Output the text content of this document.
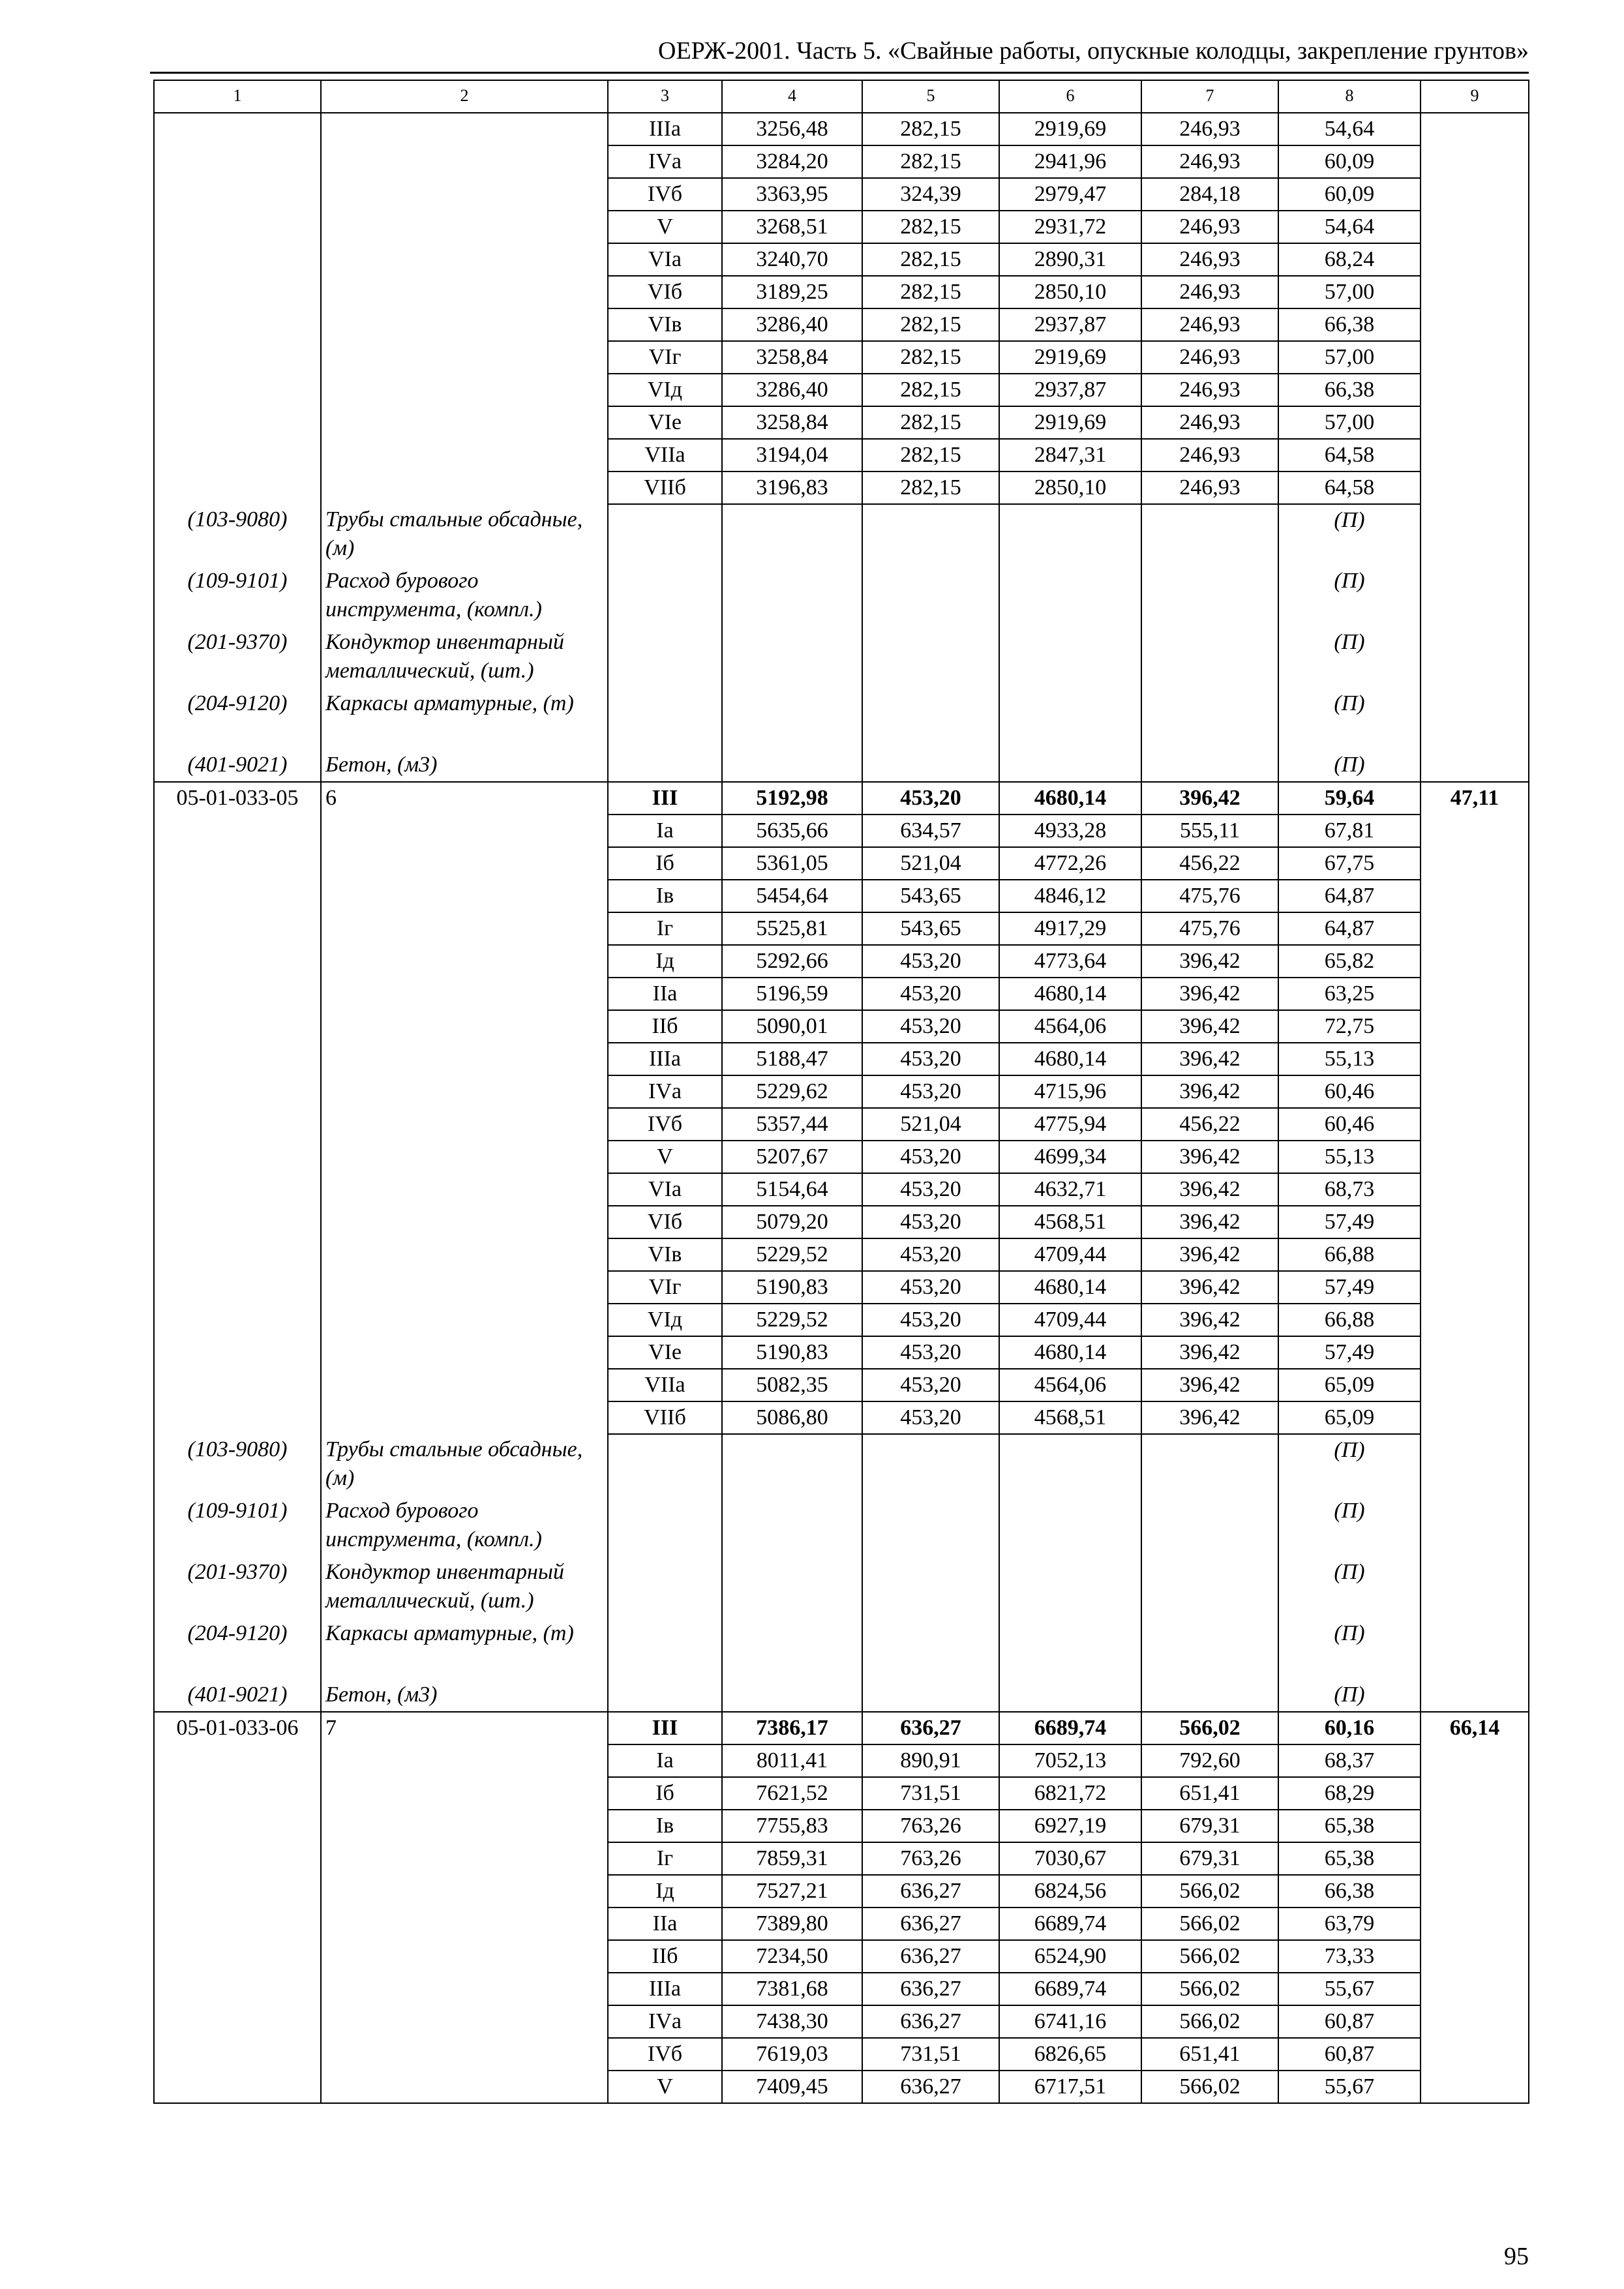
ОЕРЖ-2001. Часть 5. «Свайные работы, опускные колодцы, закрепление грунтов»
1	2	3	4	5	6	7	8	9
		IIIа	3256,48	282,15	2919,69	246,93	54,64	
		IVа	3284,20	282,15	2941,96	246,93	60,09	
		IVб	3363,95	324,39	2979,47	284,18	60,09	
		V	3268,51	282,15	2931,72	246,93	54,64	
		VIа	3240,70	282,15	2890,31	246,93	68,24	
		VIб	3189,25	282,15	2850,10	246,93	57,00	
		VIв	3286,40	282,15	2937,87	246,93	66,38	
		VIг	3258,84	282,15	2919,69	246,93	57,00	
		VIд	3286,40	282,15	2937,87	246,93	66,38	
		VIе	3258,84	282,15	2919,69	246,93	57,00	
		VIIа	3194,04	282,15	2847,31	246,93	64,58	
		VIIб	3196,83	282,15	2850,10	246,93	64,58	
(103-9080)	Трубы стальные обсадные, (м)						(П)	
(109-9101)	Расход бурового инструмента, (компл.)						(П)	
(201-9370)	Кондуктор инвентарный металлический, (шт.)						(П)	
(204-9120)	Каркасы арматурные, (т)						(П)	
(401-9021)	Бетон, (м3)						(П)	
05-01-033-05	6	III	5192,98	453,20	4680,14	396,42	59,64	47,11
		Iа	5635,66	634,57	4933,28	555,11	67,81	
		Iб	5361,05	521,04	4772,26	456,22	67,75	
		Iв	5454,64	543,65	4846,12	475,76	64,87	
		Iг	5525,81	543,65	4917,29	475,76	64,87	
		Iд	5292,66	453,20	4773,64	396,42	65,82	
		IIа	5196,59	453,20	4680,14	396,42	63,25	
		IIб	5090,01	453,20	4564,06	396,42	72,75	
		IIIа	5188,47	453,20	4680,14	396,42	55,13	
		IVа	5229,62	453,20	4715,96	396,42	60,46	
		IVб	5357,44	521,04	4775,94	456,22	60,46	
		V	5207,67	453,20	4699,34	396,42	55,13	
		VIа	5154,64	453,20	4632,71	396,42	68,73	
		VIб	5079,20	453,20	4568,51	396,42	57,49	
		VIв	5229,52	453,20	4709,44	396,42	66,88	
		VIг	5190,83	453,20	4680,14	396,42	57,49	
		VIд	5229,52	453,20	4709,44	396,42	66,88	
		VIе	5190,83	453,20	4680,14	396,42	57,49	
		VIIа	5082,35	453,20	4564,06	396,42	65,09	
		VIIб	5086,80	453,20	4568,51	396,42	65,09	
(103-9080)	Трубы стальные обсадные, (м)						(П)	
(109-9101)	Расход бурового инструмента, (компл.)						(П)	
(201-9370)	Кондуктор инвентарный металлический, (шт.)						(П)	
(204-9120)	Каркасы арматурные, (т)						(П)	
(401-9021)	Бетон, (м3)						(П)	
05-01-033-06	7	III	7386,17	636,27	6689,74	566,02	60,16	66,14
		Iа	8011,41	890,91	7052,13	792,60	68,37	
		Iб	7621,52	731,51	6821,72	651,41	68,29	
		Iв	7755,83	763,26	6927,19	679,31	65,38	
		Iг	7859,31	763,26	7030,67	679,31	65,38	
		Iд	7527,21	636,27	6824,56	566,02	66,38	
		IIа	7389,80	636,27	6689,74	566,02	63,79	
		IIб	7234,50	636,27	6524,90	566,02	73,33	
		IIIа	7381,68	636,27	6689,74	566,02	55,67	
		IVа	7438,30	636,27	6741,16	566,02	60,87	
		IVб	7619,03	731,51	6826,65	651,41	60,87	
		V	7409,45	636,27	6717,51	566,02	55,67	
95
